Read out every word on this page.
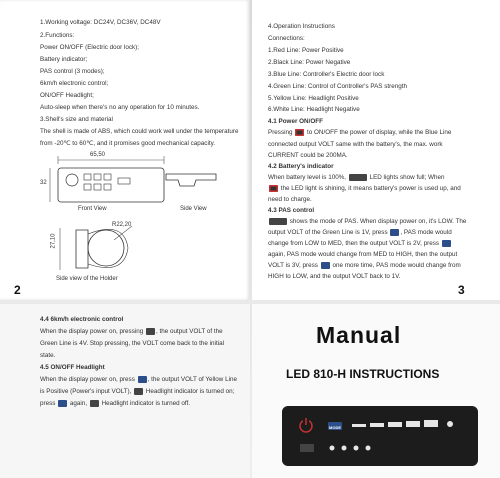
1.Working voltage: DC24V, DC36V, DC48V
2.Functions:
Power ON/OFF (Electric door lock);
Battery indicator;
PAS control (3 modes);
6km/h electronic control;
ON/OFF Headlight;
Auto-sleep when there's no any operation for 10 minutes.
3.Shell's size and material
The shell is made of ABS, which could work well under the temperature
from -20℃ to 60℃, and it promises good mechanical capacity.
65,50
32
Front View	Side View
27,10
R22,20
Side view of the Holder
2
4.Operation Instructions
Connections:
1.Red Line: Power Positive
2.Black Line: Power Negative
3.Blue Line: Controller's Electric door lock
4.Green Line: Control of Controller's PAS strength
5.Yellow Line: Headlight Positive
6.White Line: Headlight Negative
4.1 Power ON/OFF
Pressing to ON/OFF the power of display, while the Blue Line
connected output VOLT same with the battery's, the max. work
CURRENT could be 200MA.
4.2 Battery's indicator
When battery level is 100%,	LED lights show full; When
the LED light is shining, it means battery's power is used up, and
need to charge.
4.3 PAS control
shows the mode of PAS. When display power on, it's LOW. The
output VOLT of the Green Line is 1V, press , PAS mode would
change from LOW to MED, then the output VOLT is 2V, press
again, PAS mode would change from MED to HIGH, then the output
VOLT is 3V, press one more time, PAS mode would change from
HIGH to LOW, and the output VOLT back to 1V.
3
4.4 6km/h electronic control
When the display power on, pressing , the output VOLT of the
Green Line is 4V. Stop pressing, the VOLT come back to the initial
state.
4.5 ON/OFF Headlight
When the display power on, press , the output VOLT of Yellow Line
is Positive (Power's input VOLT), Headlight indicator is turned on;
press again, Headlight indicator is turned off.
Manual
LED 810-H INSTRUCTIONS
MODE
